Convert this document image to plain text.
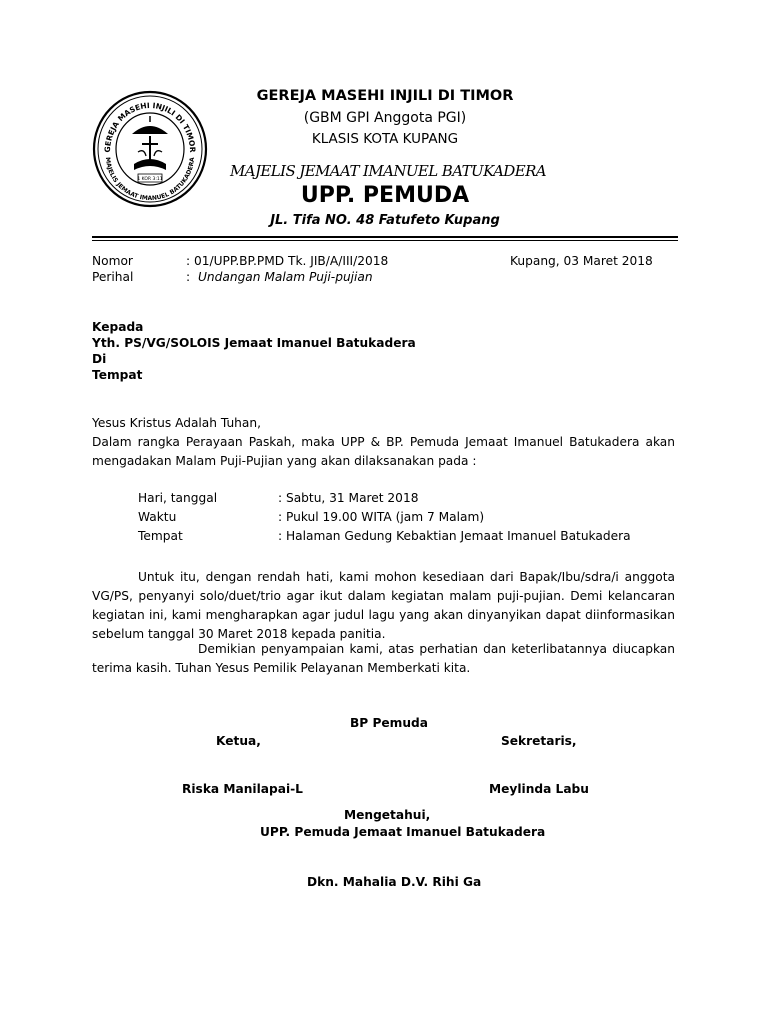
GEREJA MASEHI INJILI DI TIMOR
MAJELIS JEMAAT IMANUEL BATUKADERA
1 KOR 3:11
GEREJA MASEHI INJILI DI TIMOR
(GBM GPI Anggota PGI)
KLASIS KOTA KUPANG
MAJELIS JEMAAT IMANUEL BATUKADERA
UPP. PEMUDA
JL. Tifa NO. 48 Fatufeto Kupang
Nomor	: 01/UPP.BP.PMD Tk. JIB/A/III/2018	Kupang, 03 Maret 2018
Perihal	: Undangan Malam Puji-pujian
Kepada
Yth. PS/VG/SOLOIS Jemaat Imanuel Batukadera
Di
Tempat
Yesus Kristus Adalah Tuhan,
Dalam rangka Perayaan Paskah, maka UPP & BP. Pemuda Jemaat Imanuel Batukadera akan mengadakan Malam Puji-Pujian yang akan dilaksanakan pada :
Hari, tanggal	: Sabtu, 31 Maret 2018
Waktu	: Pukul 19.00 WITA (jam 7 Malam)
Tempat	: Halaman Gedung Kebaktian Jemaat Imanuel Batukadera
Untuk itu, dengan rendah hati, kami mohon kesediaan dari Bapak/Ibu/sdra/i anggota VG/PS, penyanyi solo/duet/trio agar ikut dalam kegiatan malam puji-pujian. Demi kelancaran kegiatan ini, kami mengharapkan agar judul lagu yang akan dinyanyikan dapat diinformasikan sebelum tanggal 30 Maret 2018 kepada panitia.
Demikian penyampaian kami, atas perhatian dan keterlibatannya diucapkan terima kasih. Tuhan Yesus Pemilik Pelayanan Memberkati kita.
BP Pemuda
Ketua,	Sekretaris,
Riska Manilapai-L	Meylinda Labu
Mengetahui,
UPP. Pemuda Jemaat Imanuel Batukadera
Dkn. Mahalia D.V. Rihi Ga
